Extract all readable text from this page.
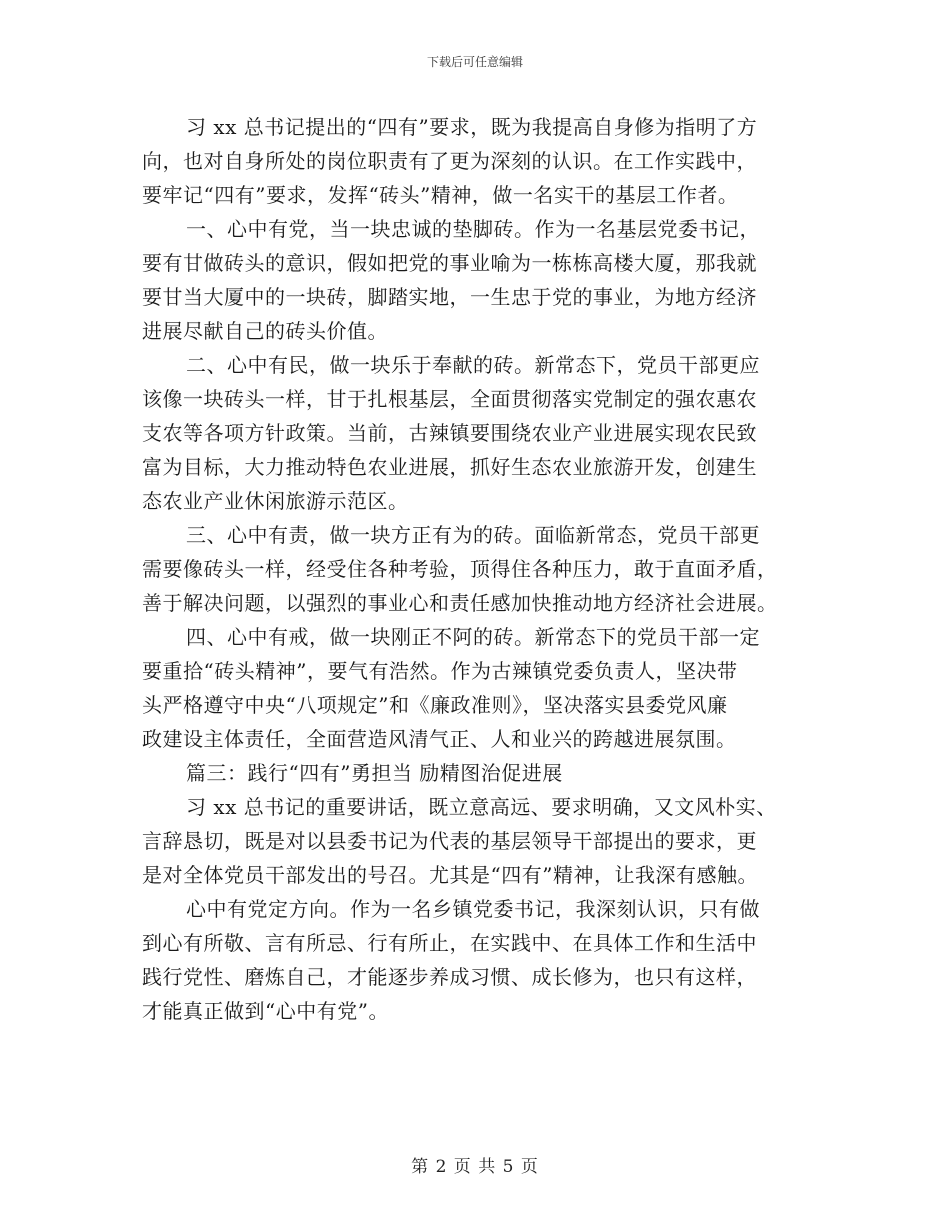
下载后可任意编辑
习 xx 总书记提出的“四有”要求，既为我提高自身修为指明了方
向，也对自身所处的岗位职责有了更为深刻的认识。在工作实践中，
要牢记“四有”要求，发挥“砖头”精神，做一名实干的基层工作者。
一、心中有党，当一块忠诚的垫脚砖。作为一名基层党委书记，
要有甘做砖头的意识，假如把党的事业喻为一栋栋高楼大厦，那我就
要甘当大厦中的一块砖，脚踏实地，一生忠于党的事业，为地方经济
进展尽献自己的砖头价值。
二、心中有民，做一块乐于奉献的砖。新常态下，党员干部更应
该像一块砖头一样，甘于扎根基层，全面贯彻落实党制定的强农惠农
支农等各项方针政策。当前，古辣镇要围绕农业产业进展实现农民致
富为目标，大力推动特色农业进展，抓好生态农业旅游开发，创建生
态农业产业休闲旅游示范区。
三、心中有责，做一块方正有为的砖。面临新常态，党员干部更
需要像砖头一样，经受住各种考验，顶得住各种压力，敢于直面矛盾，
善于解决问题，以强烈的事业心和责任感加快推动地方经济社会进展。
四、心中有戒，做一块刚正不阿的砖。新常态下的党员干部一定
要重拾“砖头精神”，要气有浩然。作为古辣镇党委负责人，坚决带
头严格遵守中央“八项规定”和《廉政准则》，坚决落实县委党风廉
政建设主体责任，全面营造风清气正、人和业兴的跨越进展氛围。
篇三：践行“四有”勇担当 励精图治促进展
习 xx 总书记的重要讲话，既立意高远、要求明确，又文风朴实、
言辞恳切，既是对以县委书记为代表的基层领导干部提出的要求，更
是对全体党员干部发出的号召。尤其是“四有”精神，让我深有感触。
心中有党定方向。作为一名乡镇党委书记，我深刻认识，只有做
到心有所敬、言有所忌、行有所止，在实践中、在具体工作和生活中
践行党性、磨炼自己，才能逐步养成习惯、成长修为，也只有这样，
才能真正做到“心中有党”。
第 2 页 共 5 页
